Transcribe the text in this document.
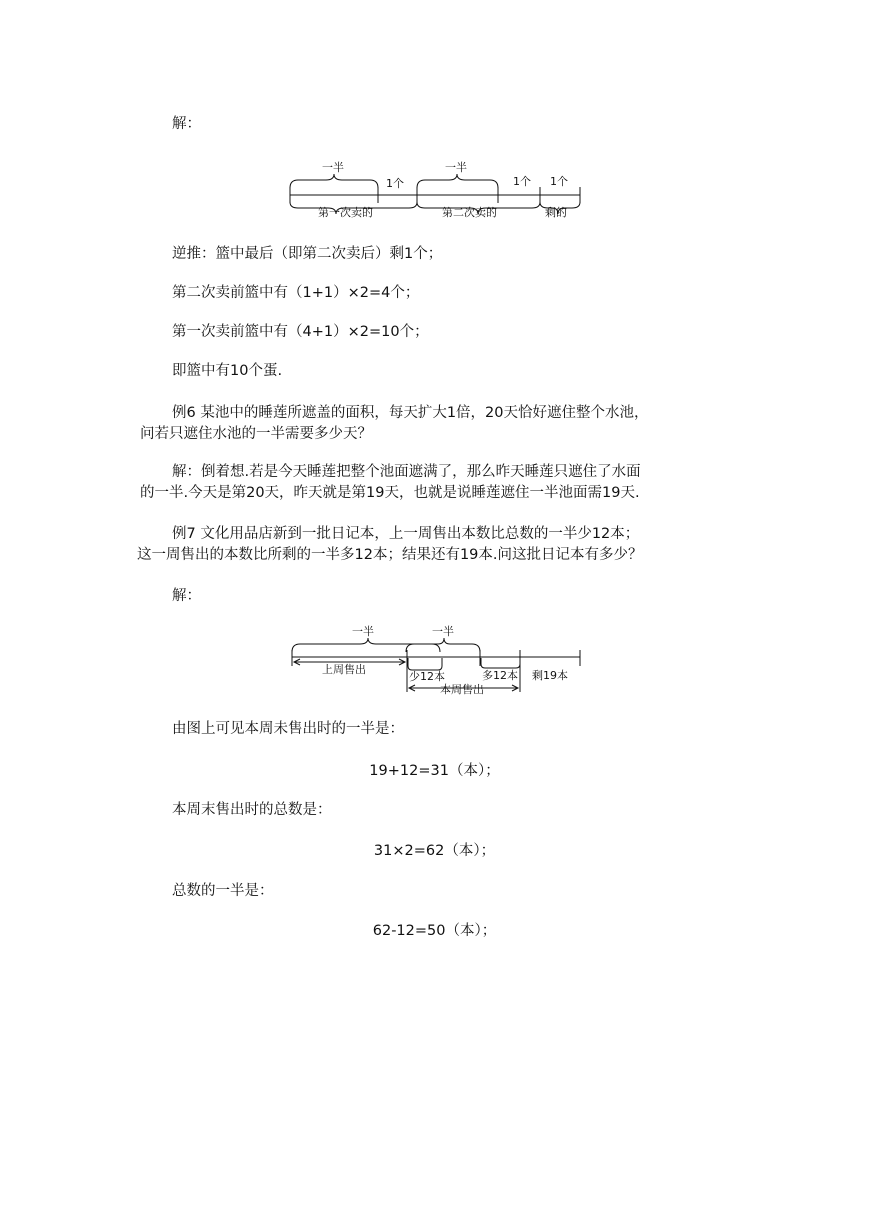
解：
一半
1个
一半
1个 1个
第一次卖的	第二次卖的	剩的
逆推：篮中最后（即第二次卖后）剩1个；
第二次卖前篮中有（1+1）×2=4个；
第一次卖前篮中有（4+1）×2=10个；
即篮中有10个蛋.
例6 某池中的睡莲所遮盖的面积，每天扩大1倍，20天恰好遮住整个水池，
问若只遮住水池的一半需要多少天？
解：倒着想.若是今天睡莲把整个池面遮满了，那么昨天睡莲只遮住了水面
的一半.今天是第20天，昨天就是第19天，也就是说睡莲遮住一半池面需19天.
例7 文化用品店新到一批日记本，上一周售出本数比总数的一半少12本；
这一周售出的本数比所剩的一半多12本；结果还有19本.问这批日记本有多少？
解：
一半	一半
上周售出
少12本	多12本 剩19本
本周售出
由图上可见本周未售出时的一半是：
19+12=31（本）；
本周末售出时的总数是：
31×2=62（本）；
总数的一半是：
62-12=50（本）；
